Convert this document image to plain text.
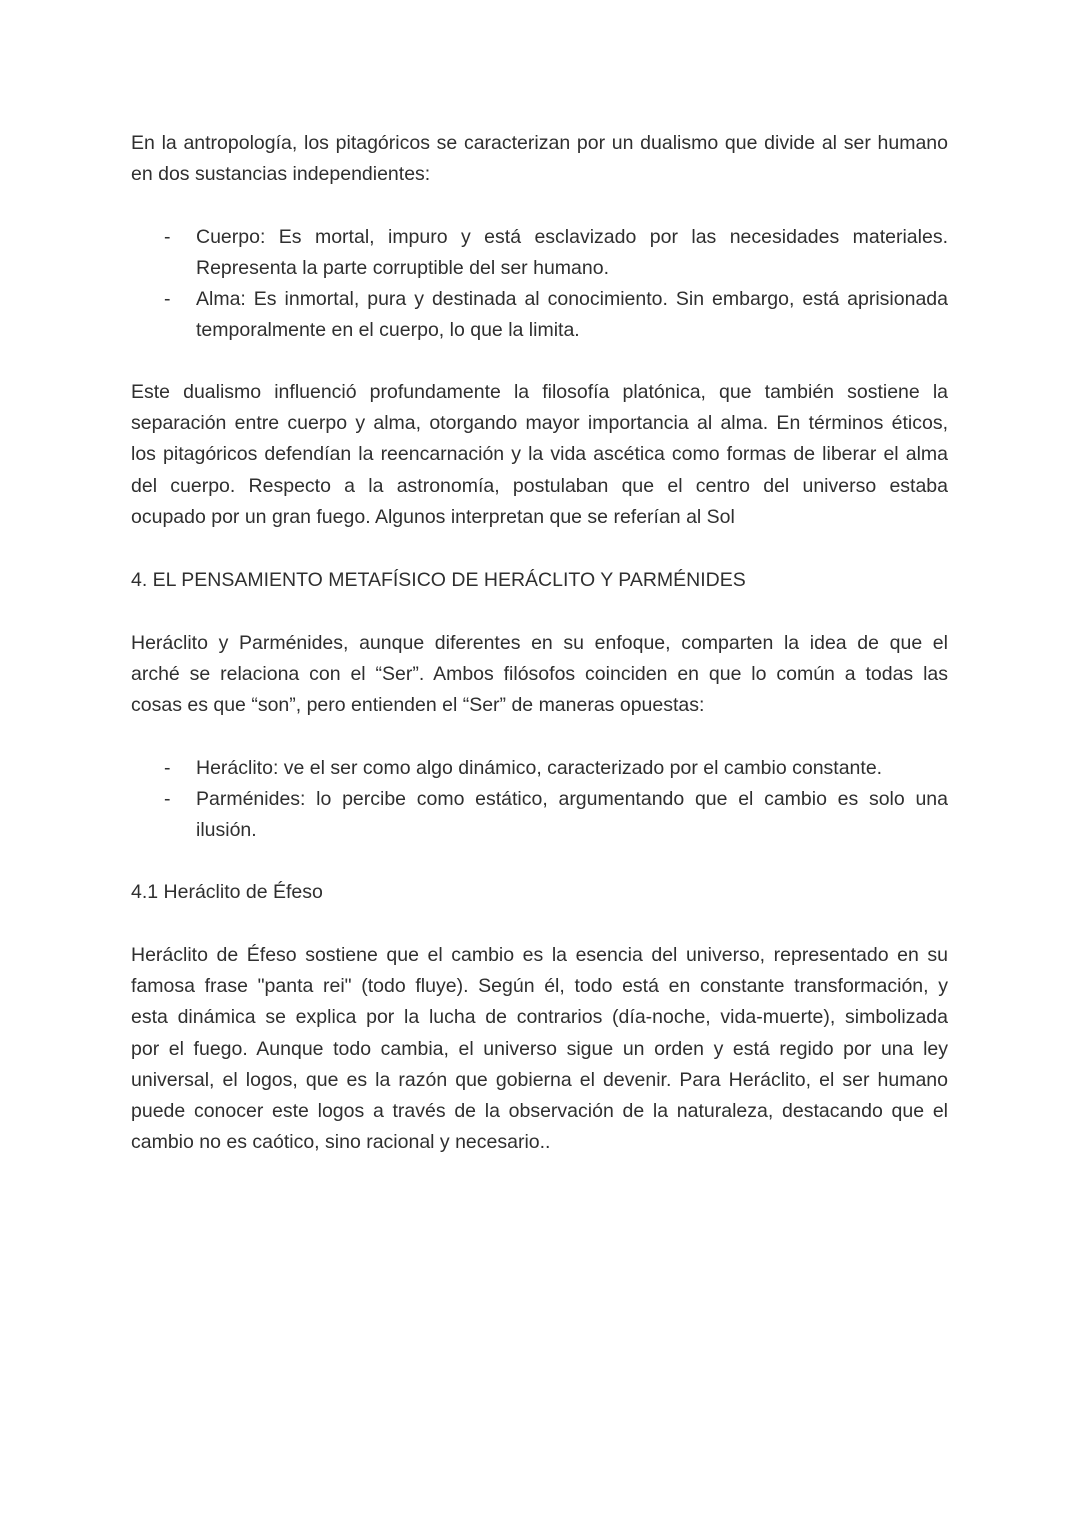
En la antropología, los pitagóricos se caracterizan por un dualismo que divide al ser humano
en dos sustancias independientes:
- Cuerpo: Es mortal, impuro y está esclavizado por las necesidades materiales.
Representa la parte corruptible del ser humano.
- Alma: Es inmortal, pura y destinada al conocimiento. Sin embargo, está aprisionada
temporalmente en el cuerpo, lo que la limita.
Este dualismo influenció profundamente la filosofía platónica, que también sostiene la
separación entre cuerpo y alma, otorgando mayor importancia al alma. En términos éticos,
los pitagóricos defendían la reencarnación y la vida ascética como formas de liberar el alma
del cuerpo. Respecto a la astronomía, postulaban que el centro del universo estaba
ocupado por un gran fuego. Algunos interpretan que se referían al Sol
4. EL PENSAMIENTO METAFÍSICO DE HERÁCLITO Y PARMÉNIDES
Heráclito y Parménides, aunque diferentes en su enfoque, comparten la idea de que el
arché se relaciona con el “Ser”. Ambos filósofos coinciden en que lo común a todas las
cosas es que “son”, pero entienden el “Ser” de maneras opuestas:
- Heráclito: ve el ser como algo dinámico, caracterizado por el cambio constante.
- Parménides: lo percibe como estático, argumentando que el cambio es solo una
ilusión.
4.1 Heráclito de Éfeso
Heráclito de Éfeso sostiene que el cambio es la esencia del universo, representado en su
famosa frase "panta rei" (todo fluye). Según él, todo está en constante transformación, y
esta dinámica se explica por la lucha de contrarios (día-noche, vida-muerte), simbolizada
por el fuego. Aunque todo cambia, el universo sigue un orden y está regido por una ley
universal, el logos, que es la razón que gobierna el devenir. Para Heráclito, el ser humano
puede conocer este logos a través de la observación de la naturaleza, destacando que el
cambio no es caótico, sino racional y necesario..
